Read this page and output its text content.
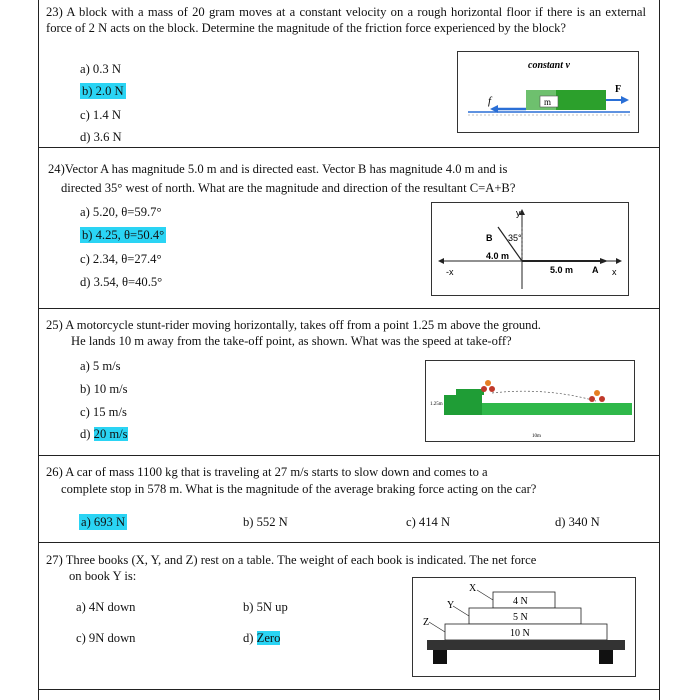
23) A block with a mass of 20 gram moves at a constant velocity on a rough horizontal floor if there is an external force of 2 N acts on the block. Determine the magnitude of the friction force experienced by the block?
a) 0.3 N
b) 2.0 N
c) 1.4 N
d) 3.6 N
constant v
m
f
F
24)Vector A has magnitude 5.0 m and is directed east. Vector B has magnitude 4.0 m and is
directed 35° west of north. What are the magnitude and direction of the resultant C=A+B?
a) 5.20, θ=59.7°
b) 4.25, θ=50.4°
c) 2.34, θ=27.4°
d) 3.54, θ=40.5°
y
-x	x
B
A
4.0 m
35°
5.0 m
25) A motorcycle stunt-rider moving horizontally, takes off from a point 1.25 m above the ground.
He lands 10 m away from the take-off point, as shown. What was the speed at take-off?
a) 5 m/s
b) 10 m/s
c) 15 m/s
d) 20 m/s
1.25m
10m
26) A car of mass 1100 kg that is traveling at 27 m/s starts to slow down and comes to a
complete stop in 578 m. What is the magnitude of the average braking force acting on the car?
a) 693 N	b) 552 N	c) 414 N	d) 340 N
27) Three books (X, Y, and Z) rest on a table. The weight of each book is indicated. The net force
on book Y is:
a) 4N down	b) 5N up
c) 9N down	d) Zero
X
Y
Z
4 N
5 N
10 N
